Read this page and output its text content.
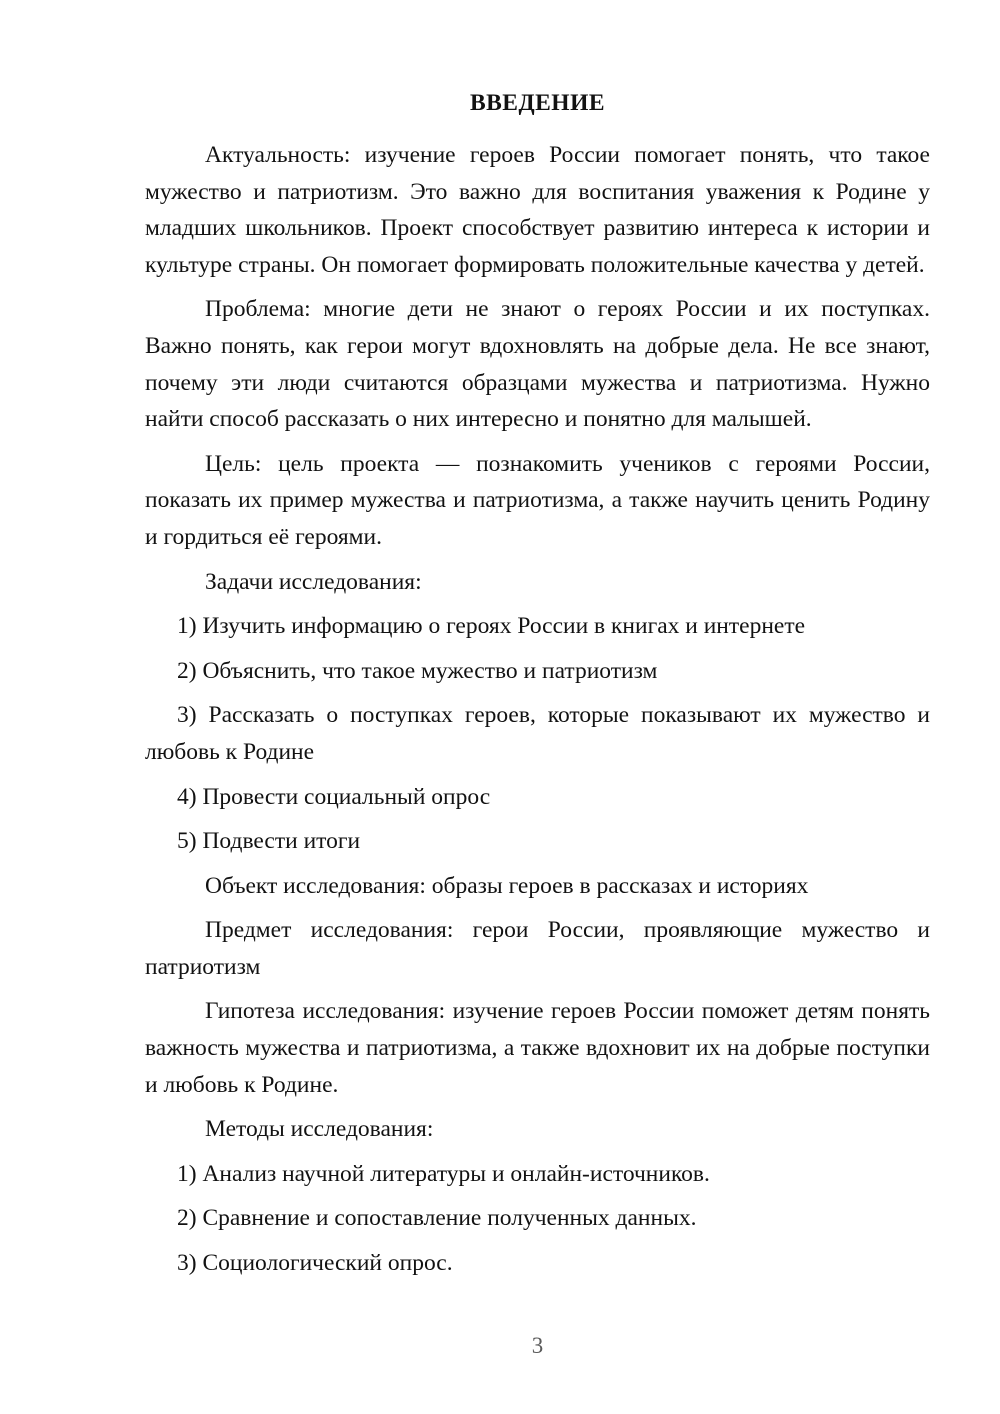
ВВЕДЕНИЕ

Актуальность: изучение героев России помогает понять, что такое мужество и патриотизм. Это важно для воспитания уважения к Родине у младших школьников. Проект способствует развитию интереса к истории и культуре страны. Он помогает формировать положительные качества у детей.

Проблема: многие дети не знают о героях России и их поступках. Важно понять, как герои могут вдохновлять на добрые дела. Не все знают, почему эти люди считаются образцами мужества и патриотизма. Нужно найти способ рассказать о них интересно и понятно для малышей.

Цель: цель проекта — познакомить учеников с героями России, показать их пример мужества и патриотизма, а также научить ценить Родину и гордиться её героями.

Задачи исследования:

1) Изучить информацию о героях России в книгах и интернете

2) Объяснить, что такое мужество и патриотизм

3) Рассказать о поступках героев, которые показывают их мужество и любовь к Родине

4) Провести социальный опрос

5) Подвести итоги

Объект исследования: образы героев в рассказах и историях

Предмет исследования: герои России, проявляющие мужество и патриотизм

Гипотеза исследования: изучение героев России поможет детям понять важность мужества и патриотизма, а также вдохновит их на добрые поступки и любовь к Родине.

Методы исследования:

1) Анализ научной литературы и онлайн-источников.

2) Сравнение и сопоставление полученных данных.

3) Социологический опрос.

3
